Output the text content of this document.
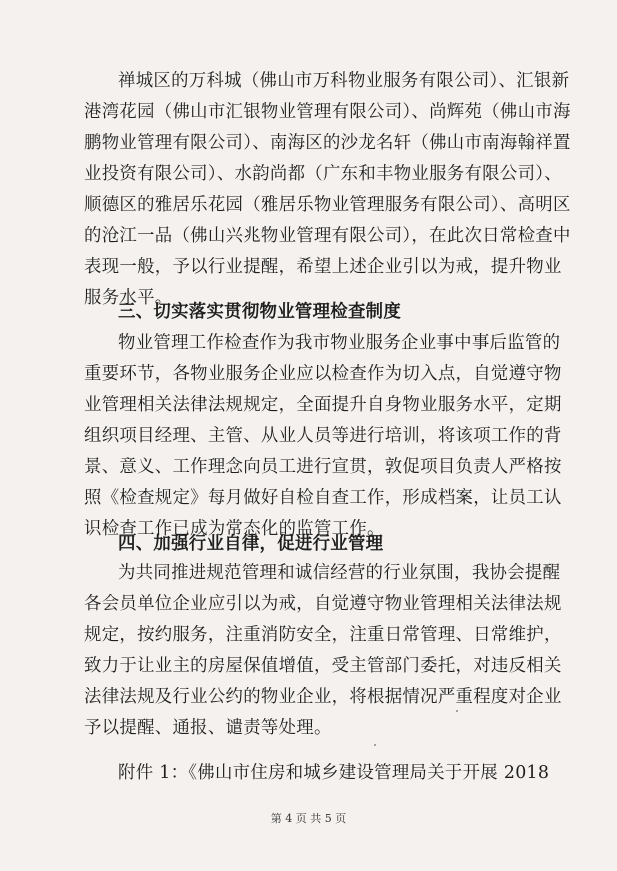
禅城区的万科城（佛山市万科物业服务有限公司）、汇银新
港湾花园（佛山市汇银物业管理有限公司）、尚辉苑（佛山市海
鹏物业管理有限公司）、南海区的沙龙名轩（佛山市南海翰祥置
业投资有限公司）、水韵尚都（广东和丰物业服务有限公司）、
顺德区的雅居乐花园（雅居乐物业管理服务有限公司）、高明区
的沧江一品（佛山兴兆物业管理有限公司），在此次日常检查中
表现一般，予以行业提醒，希望上述企业引以为戒，提升物业
服务水平。
三、切实落实贯彻物业管理检查制度
物业管理工作检查作为我市物业服务企业事中事后监管的
重要环节，各物业服务企业应以检查作为切入点，自觉遵守物
业管理相关法律法规规定，全面提升自身物业服务水平，定期
组织项目经理、主管、从业人员等进行培训，将该项工作的背
景、意义、工作理念向员工进行宣贯，敦促项目负责人严格按
照《检查规定》每月做好自检自查工作，形成档案，让员工认
识检查工作已成为常态化的监管工作。
四、加强行业自律，促进行业管理
为共同推进规范管理和诚信经营的行业氛围，我协会提醒
各会员单位企业应引以为戒，自觉遵守物业管理相关法律法规
规定，按约服务，注重消防安全，注重日常管理、日常维护，
致力于让业主的房屋保值增值，受主管部门委托，对违反相关
法律法规及行业公约的物业企业，将根据情况严重程度对企业
予以提醒、通报、谴责等处理。
附件 1：《佛山市住房和城乡建设管理局关于开展 2018
第 4 页 共 5 页
